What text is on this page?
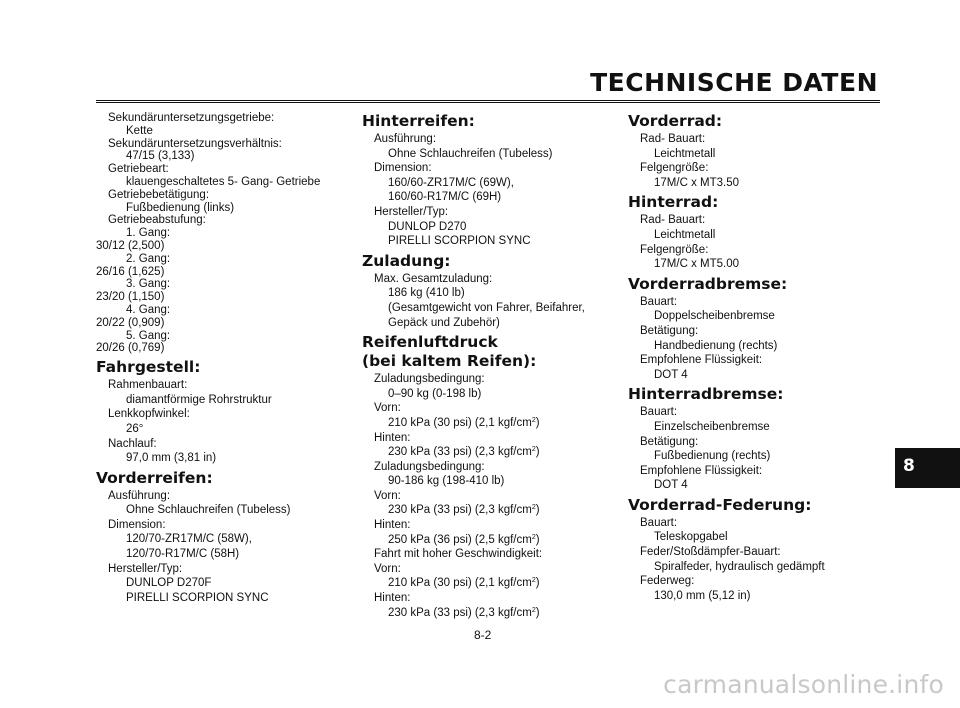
TECHNISCHE DATEN
Sekundäruntersetzungsgetriebe:
Kette
Sekundäruntersetzungsverhältnis:
47/15 (3,133)
Getriebeart:
klauengeschaltetes 5- Gang- Getriebe
Getriebebetätigung:
Fußbedienung (links)
Getriebeabstufung:
1. Gang:
30/12 (2,500)
2. Gang:
26/16 (1,625)
3. Gang:
23/20 (1,150)
4. Gang:
20/22 (0,909)
5. Gang:
20/26 (0,769)
Fahrgestell:
Rahmenbauart:
diamantförmige Rohrstruktur
Lenkkopfwinkel:
26°
Nachlauf:
97,0 mm (3,81 in)
Vorderreifen:
Ausführung:
Ohne Schlauchreifen (Tubeless)
Dimension:
120/70-ZR17M/C (58W),
120/70-R17M/C (58H)
Hersteller/Typ:
DUNLOP D270F
PIRELLI SCORPION SYNC
Hinterreifen:
Ausführung:
Ohne Schlauchreifen (Tubeless)
Dimension:
160/60-ZR17M/C (69W),
160/60-R17M/C (69H)
Hersteller/Typ:
DUNLOP D270
PIRELLI SCORPION SYNC
Zuladung:
Max. Gesamtzuladung:
186 kg (410 lb)
(Gesamtgewicht von Fahrer, Beifahrer,
Gepäck und Zubehör)
Reifenluftdruck
(bei kaltem Reifen):
Zuladungsbedingung:
0–90 kg (0-198 lb)
Vorn:
210 kPa (30 psi) (2,1 kgf/$cm^2$)
Hinten:
230 kPa (33 psi) (2,3 kgf/$cm^2$)
Zuladungsbedingung:
90-186 kg (198-410 lb)
Vorn:
230 kPa (33 psi) (2,3 kgf/$cm^2$)
Hinten:
250 kPa (36 psi) (2,5 kgf/$cm^2$)
Fahrt mit hoher Geschwindigkeit:
Vorn:
210 kPa (30 psi) (2,1 kgf/$cm^2$)
Hinten:
230 kPa (33 psi) (2,3 kgf/$cm^2$)
Vorderrad:
Rad- Bauart:
Leichtmetall
Felgengröße:
17M/C x MT3.50
Hinterrad:
Rad- Bauart:
Leichtmetall
Felgengröße:
17M/C x MT5.00
Vorderradbremse:
Bauart:
Doppelscheibenbremse
Betätigung:
Handbedienung (rechts)
Empfohlene Flüssigkeit:
DOT 4
Hinterradbremse:
Bauart:
Einzelscheibenbremse
Betätigung:
Fußbedienung (rechts)
Empfohlene Flüssigkeit:
DOT 4
Vorderrad-Federung:
Bauart:
Teleskopgabel
Feder/Stoßdämpfer-Bauart:
Spiralfeder, hydraulisch gedämpft
Federweg:
130,0 mm (5,12 in)
8
8-2
carmanualsonline.info
